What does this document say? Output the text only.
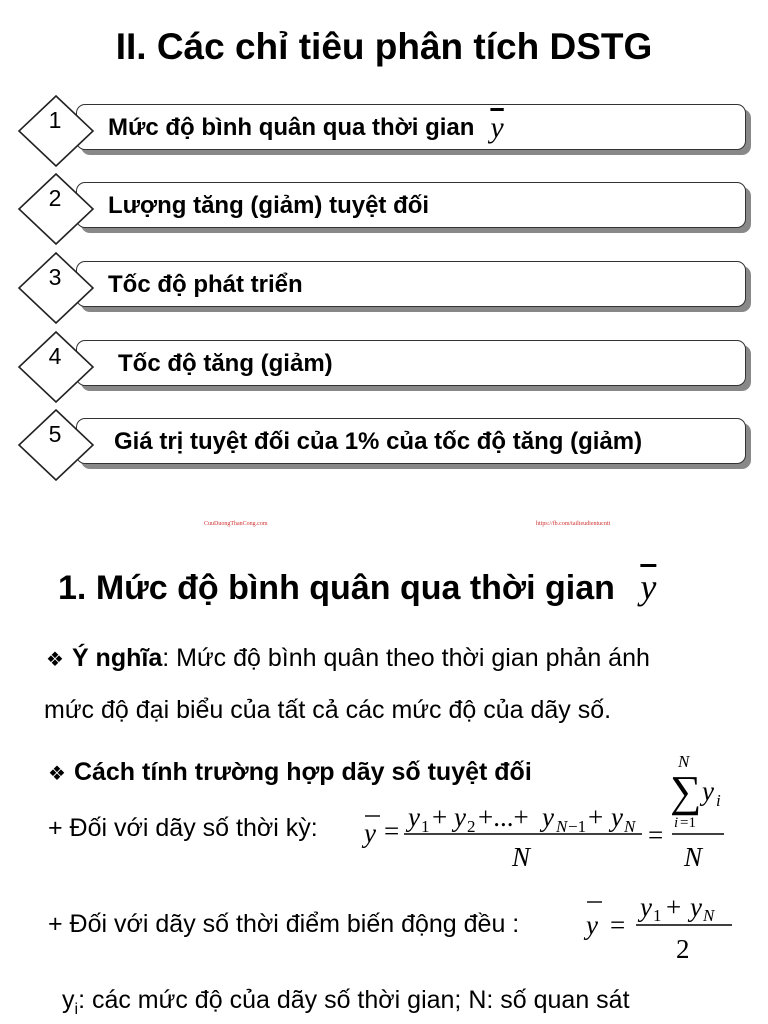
II. Các chỉ tiêu phân tích DSTG
1	Mức độ bình quân qua thời gian $\overline{y}$
2	Lượng tăng (giảm) tuyệt đối
3	Tốc độ phát triển
4	Tốc độ tăng (giảm)
5	Giá trị tuyệt đối của 1% của tốc độ tăng (giảm)
CuuDuongThanCong.com	https://fb.com/tailieudientucntt
1. Mức độ bình quân qua thời gian $\overline{y}$
❖ Ý nghĩa: Mức độ bình quân theo thời gian phản ánh
mức độ đại biểu của tất cả các mức độ của dãy số.
❖ Cách tính trường hợp dãy số tuyệt đối
+ Đối với dãy số thời kỳ: y = y 1 + y 2 +...+ y N −1 + y N
N
=
N
∑ y i
i =1
N
+ Đối với dãy số thời điểm biến động đều : y =
y 1 + y N
2
$y_i$: các mức độ của dãy số thời gian; N: số quan sát
